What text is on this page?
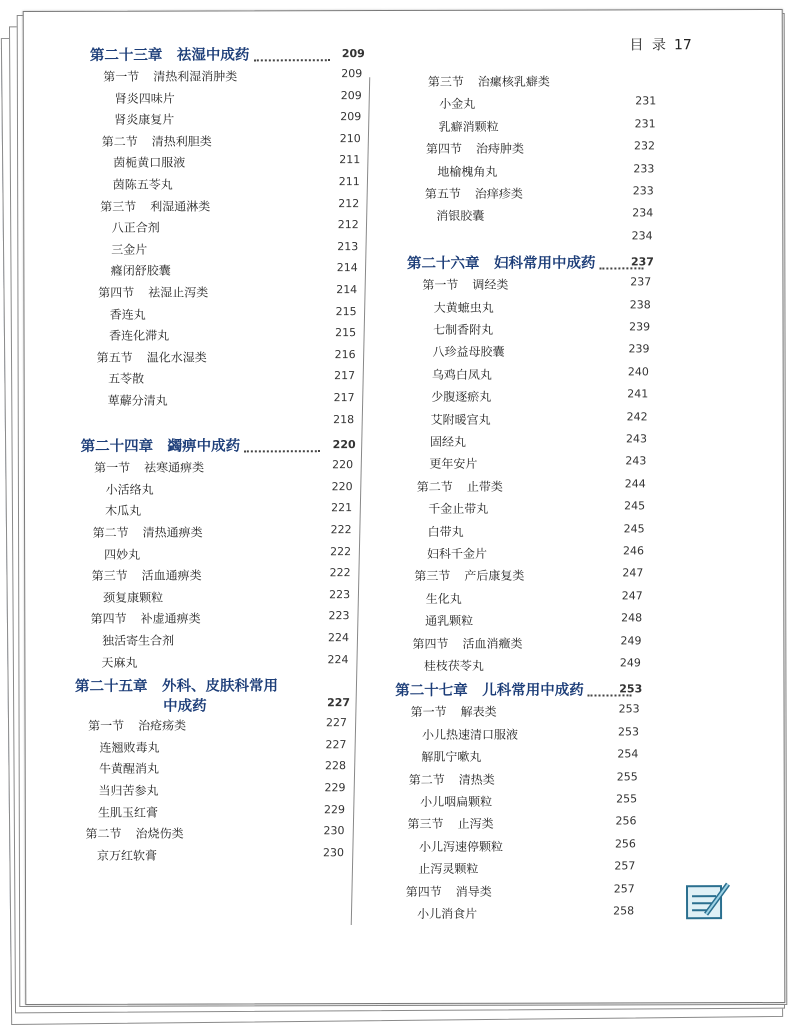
目 录 17
第二十三章   祛湿中成药	209
第一节 清热利湿消肿类	209
肾炎四味片	209
肾炎康复片	209
第二节 清热利胆类	210
茵栀黄口服液	211
茵陈五苓丸	211
第三节 利湿通淋类	212
八正合剂	212
三金片	213
癃闭舒胶囊	214
第四节 祛湿止泻类	214
香连丸	215
香连化滞丸	215
第五节 温化水湿类	216
五苓散	217
萆薢分清丸	217
218
第二十四章   蠲痹中成药	220
第一节 祛寒通痹类	220
小活络丸	220
木瓜丸	221
第二节 清热通痹类	222
四妙丸	222
第三节 活血通痹类	222
颈复康颗粒	223
第四节 补虚通痹类	223
独活寄生合剂	224
天麻丸	224
第二十五章   外科、皮肤科常用
中成药	227
第一节 治疮疡类	227
连翘败毒丸	227
牛黄醒消丸	228
当归苦参丸	229
生肌玉红膏	229
第二节 治烧伤类	230
京万红软膏	230
第三节 治瘰核乳癖类
小金丸	231
乳癖消颗粒	231
第四节 治痔肿类	232
地榆槐角丸	233
第五节 治痒疹类	233
消银胶囊	234
234
第二十六章   妇科常用中成药	237
第一节 调经类	237
大黄蟅虫丸	238
七制香附丸	239
八珍益母胶囊	239
乌鸡白凤丸	240
少腹逐瘀丸	241
艾附暖宫丸	242
固经丸	243
更年安片	243
第二节 止带类	244
千金止带丸	245
白带丸	245
妇科千金片	246
第三节 产后康复类	247
生化丸	247
通乳颗粒	248
第四节 活血消癥类	249
桂枝茯苓丸	249
第二十七章   儿科常用中成药	253
第一节 解表类	253
小儿热速清口服液	253
解肌宁嗽丸	254
第二节 清热类	255
小儿咽扁颗粒	255
第三节 止泻类	256
小儿泻速停颗粒	256
止泻灵颗粒	257
第四节 消导类	257
小儿消食片	258
